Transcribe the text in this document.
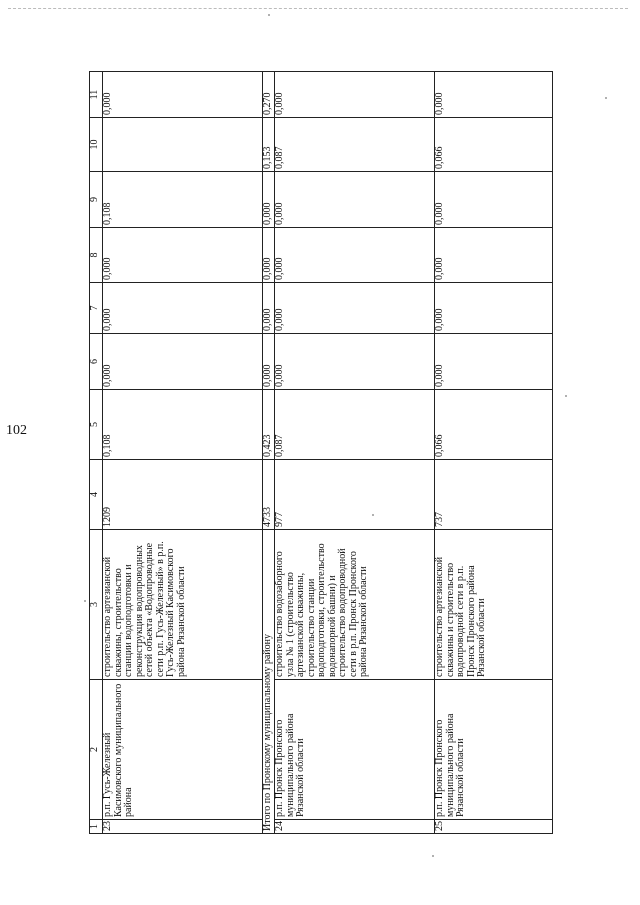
102
1	2	3	4	5	6	7	8	9	10	11
23	р.п. Гусь-Железный Касимовского муниципального района	строительство артезианской скважины, строительство станции водоподготовки и реконструкция водопроводных сетей объекта «Водопроводные сети р.п. Гусь-Железный» в р.п. Гусь-Железный Касимовского района Рязанской области	1209	0,108	0,000	0,000	0,000	0,108		0,000
Итого по Пронскому муниципальному району			4733	0,423	0,000	0,000	0,000	0,000	0,153	0,270
24	р.п. Пронск Пронского муниципального района Рязанской области	строительство водозаборного узла № 1 (строительство артезианской скважины, строительство станции водоподготовки, строительство водонапорной башни) и строительство водопроводной сети в р.п. Пронск Пронского района Рязанской области	977	0,087	0,000	0,000	0,000	0,000	0,087	0,000
25	р.п. Пронск Пронского муниципального района Рязанской области	строительство артезианской скважины и строительство водопроводной сети в р.п. Пронск Пронского района Рязанской области	737	0,066	0,000	0,000	0,000	0,000	0,066	0,000
